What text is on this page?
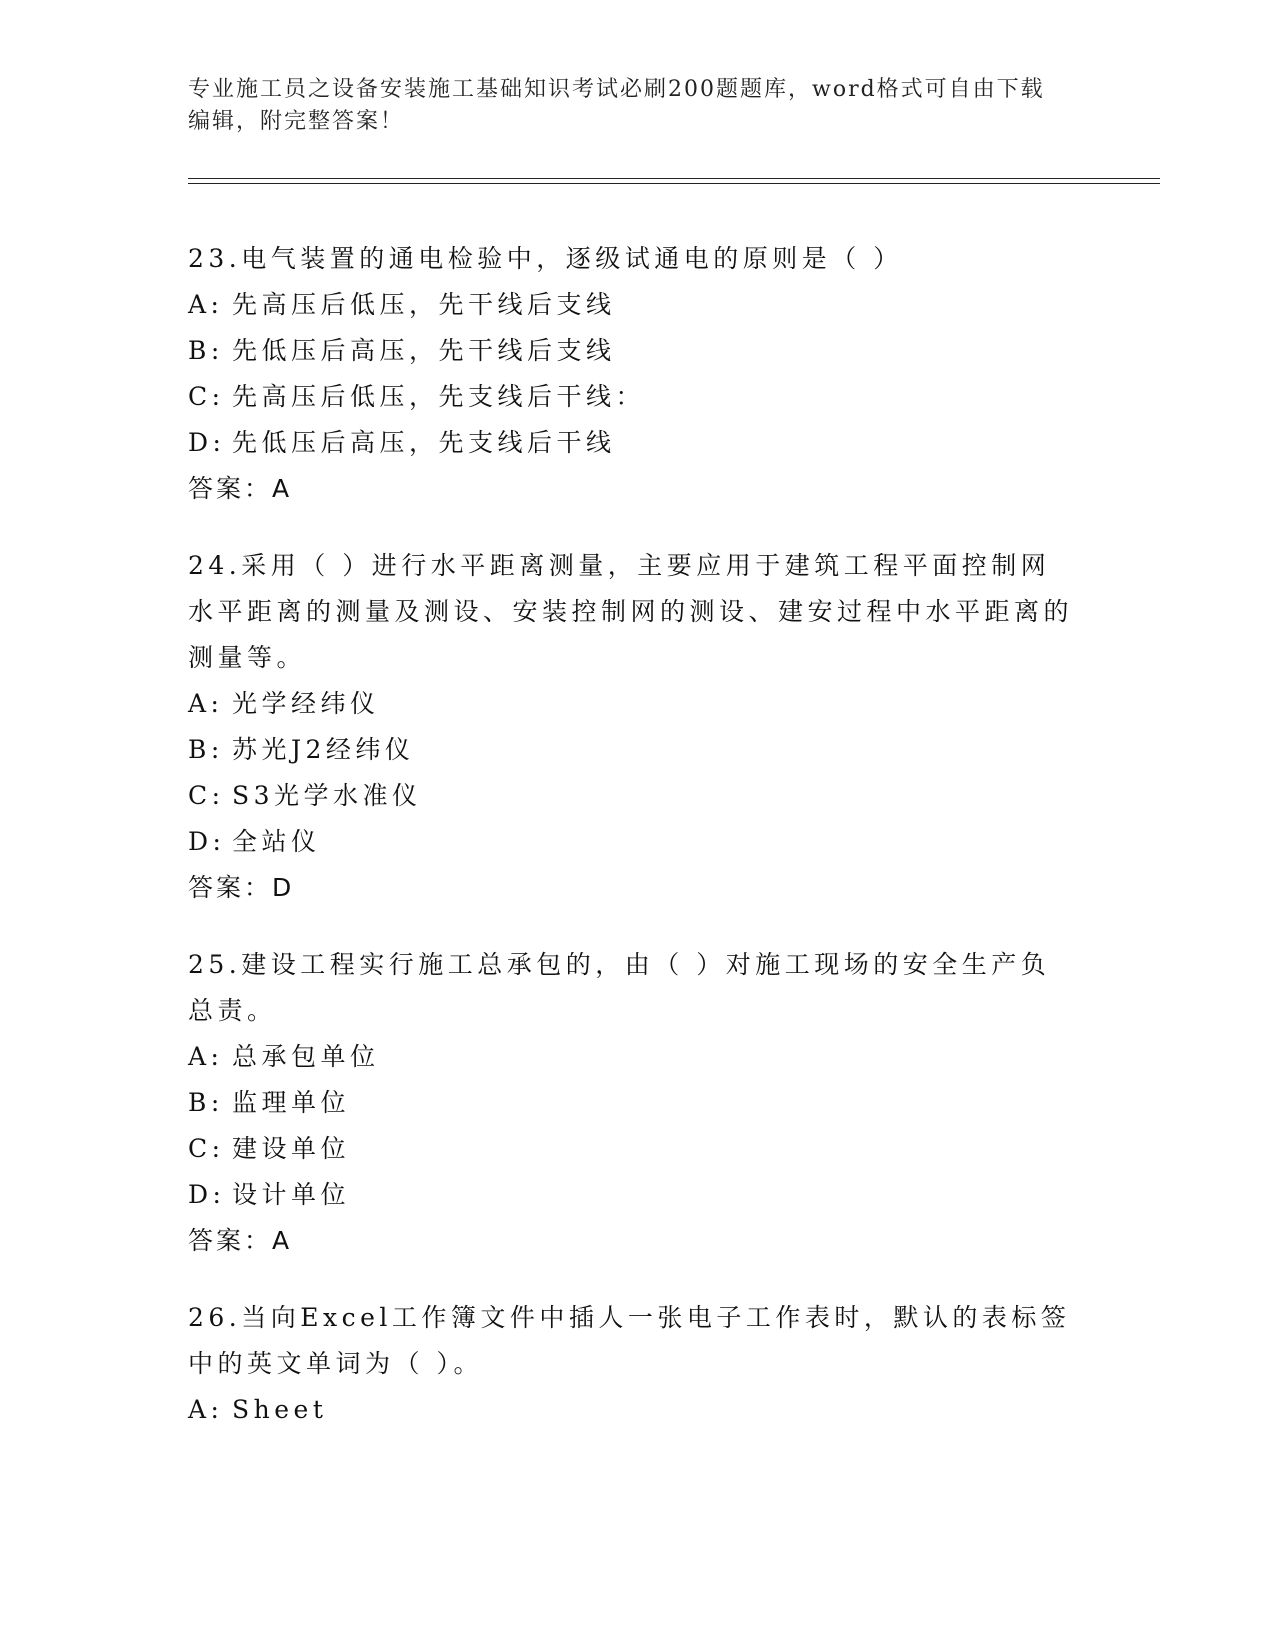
专业施工员之设备安装施工基础知识考试必刷200题题库，word格式可自由下载编辑，附完整答案！

23.电气装置的通电检验中，逐级试通电的原则是（ ）

A: 先高压后低压，先干线后支线
B: 先低压后高压，先干线后支线
C: 先高压后低压，先支线后干线：
D: 先低压后高压，先支线后干线
答案：A

24.采用（ ）进行水平距离测量，主要应用于建筑工程平面控制网水平距离的测量及测设、安装控制网的测设、建安过程中水平距离的测量等。

A: 光学经纬仪
B: 苏光J2经纬仪
C: S3光学水准仪
D: 全站仪
答案：D

25.建设工程实行施工总承包的，由（ ）对施工现场的安全生产负总责。

A: 总承包单位
B: 监理单位
C: 建设单位
D: 设计单位
答案：A

26.当向Excel工作簿文件中插人一张电子工作表时，默认的表标签中的英文单词为（ ）。

A: Sheet
